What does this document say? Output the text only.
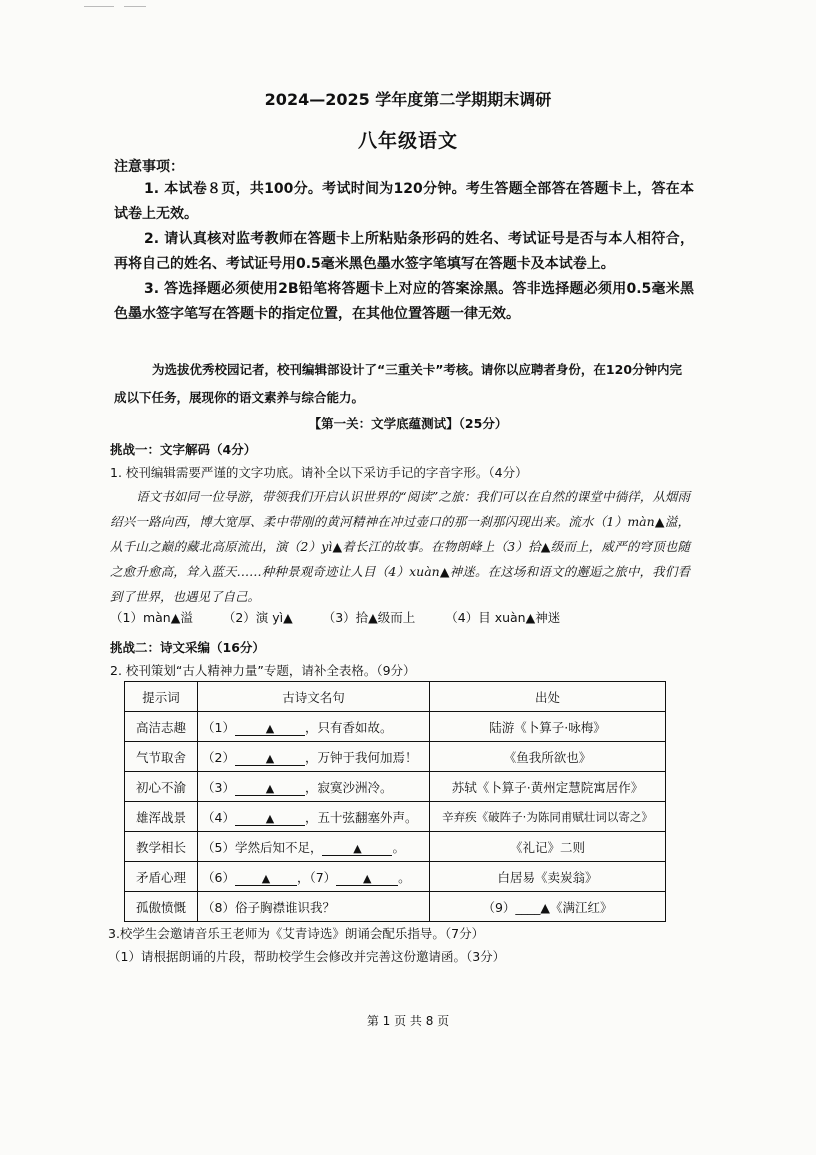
2024—2025 学年度第二学期期末调研
八年级语文
注意事项：
1. 本试卷８页，共100分。考试时间为120分钟。考生答题全部答在答题卡上，答在本试卷上无效。
2. 请认真核对监考教师在答题卡上所粘贴条形码的姓名、考试证号是否与本人相符合，再将自己的姓名、考试证号用0.5毫米黑色墨水签字笔填写在答题卡及本试卷上。
3. 答选择题必须使用2B铅笔将答题卡上对应的答案涂黑。答非选择题必须用0.5毫米黑色墨水签字笔写在答题卡的指定位置，在其他位置答题一律无效。
为选拔优秀校园记者，校刊编辑部设计了“三重关卡”考核。请你以应聘者身份，在120分钟内完成以下任务，展现你的语文素养与综合能力。
【第一关：文学底蕴测试】（25分）
挑战一：文字解码（4分）
1. 校刊编辑需要严谨的文字功底。请补全以下采访手记的字音字形。（4分）
语文书如同一位导游，带领我们开启认识世界的“阅读”之旅：我们可以在自然的课堂中徜徉，从烟雨绍兴一路向西，博大宽厚、柔中带刚的黄河精神在冲过壶口的那一刹那闪现出来。流水（1）màn▲溢，从千山之巅的藏北高原流出，演（2）yì▲着长江的故事。在物朗峰上（3）拾▲级而上，威严的穹顶也随之愈升愈高，耸入蓝天……种种景观奇迹让人目（4）xuàn▲神迷。在这场和语文的邂逅之旅中，我们看到了世界，也遇见了自己。
（1）màn▲溢 （2）演 yì▲ （3）拾▲级而上 （4）目 xuàn▲神迷
挑战二：诗文采编（16分）
2. 校刊策划“古人精神力量”专题，请补全表格。（9分）
提示词	古诗文名句	出处
高洁志趣	（1） ▲ ，只有香如故。	陆游《卜算子·咏梅》
气节取舍	（2） ▲ ，万钟于我何加焉！	《鱼我所欲也》
初心不渝	（3） ▲ ，寂寞沙洲冷。	苏轼《卜算子·黄州定慧院寓居作》
雄浑战景	（4） ▲ ，五十弦翻塞外声。	辛弃疾《破阵子·为陈同甫赋壮词以寄之》
教学相长	（5）学然后知不足， ▲ 。	《礼记》二则
矛盾心理	（6） ▲ ，（7） ▲ 。	白居易《卖炭翁》
孤傲愤慨	（8）俗子胸襟谁识我？	（9）____▲《满江红》
3.校学生会邀请音乐王老师为《艾青诗选》朗诵会配乐指导。（7分）
（1）请根据朗诵的片段，帮助校学生会修改并完善这份邀请函。（3分）
第 1 页 共 8 页
